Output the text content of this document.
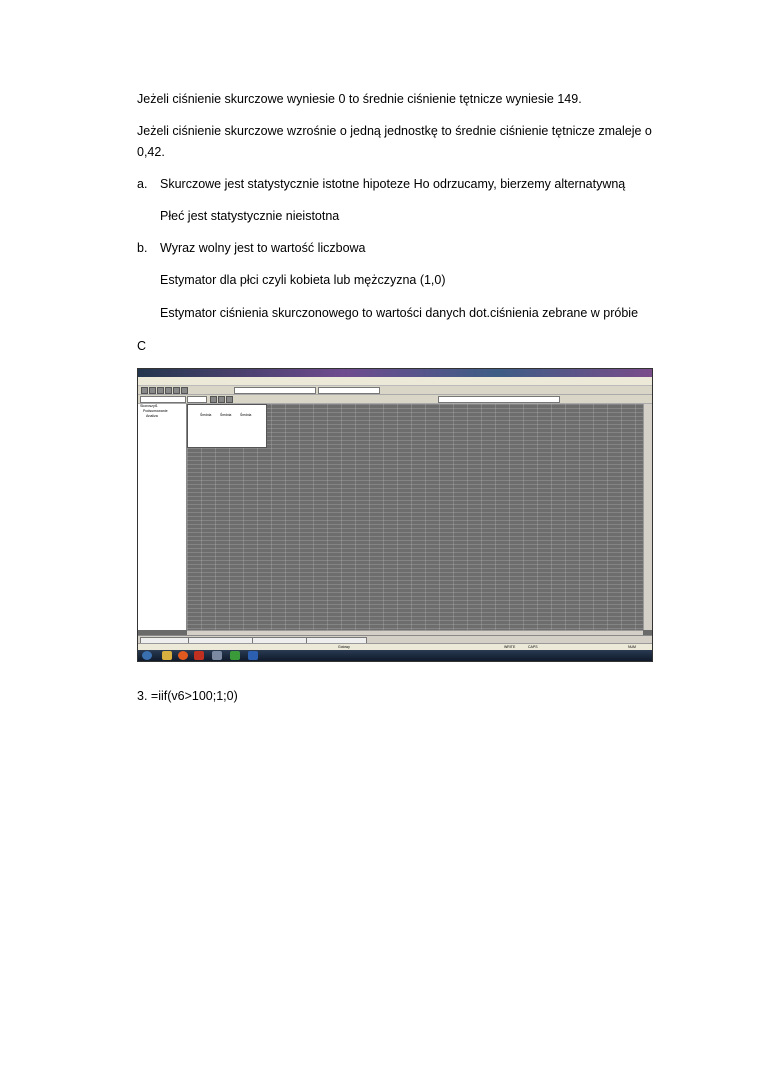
Jeżeli ciśnienie skurczowe wyniesie 0 to średnie ciśnienie tętnicze wyniesie 149.
Jeżeli ciśnienie skurczowe wzrośnie o jedną jednostkę to średnie ciśnienie tętnicze zmaleje o
0,42.
a. Skurczowe jest statystycznie istotne hipoteze Ho odrzucamy, bierzemy alternatywną
Płeć jest statystycznie nieistotna
b. Wyraz wolny jest to wartość liczbowa
Estymator dla płci czyli kobieta lub mężczyzna (1,0)
Estymator ciśnienia skurczonowego to wartości danych dot.ciśnienia zebrane w próbie
C
Skoroszyt1
Podsumowanie
Analiza	Średnia	Średnia	Średnia
Gotowy	WRITE	CAPS	NUM
3. =iif(v6>100;1;0)
